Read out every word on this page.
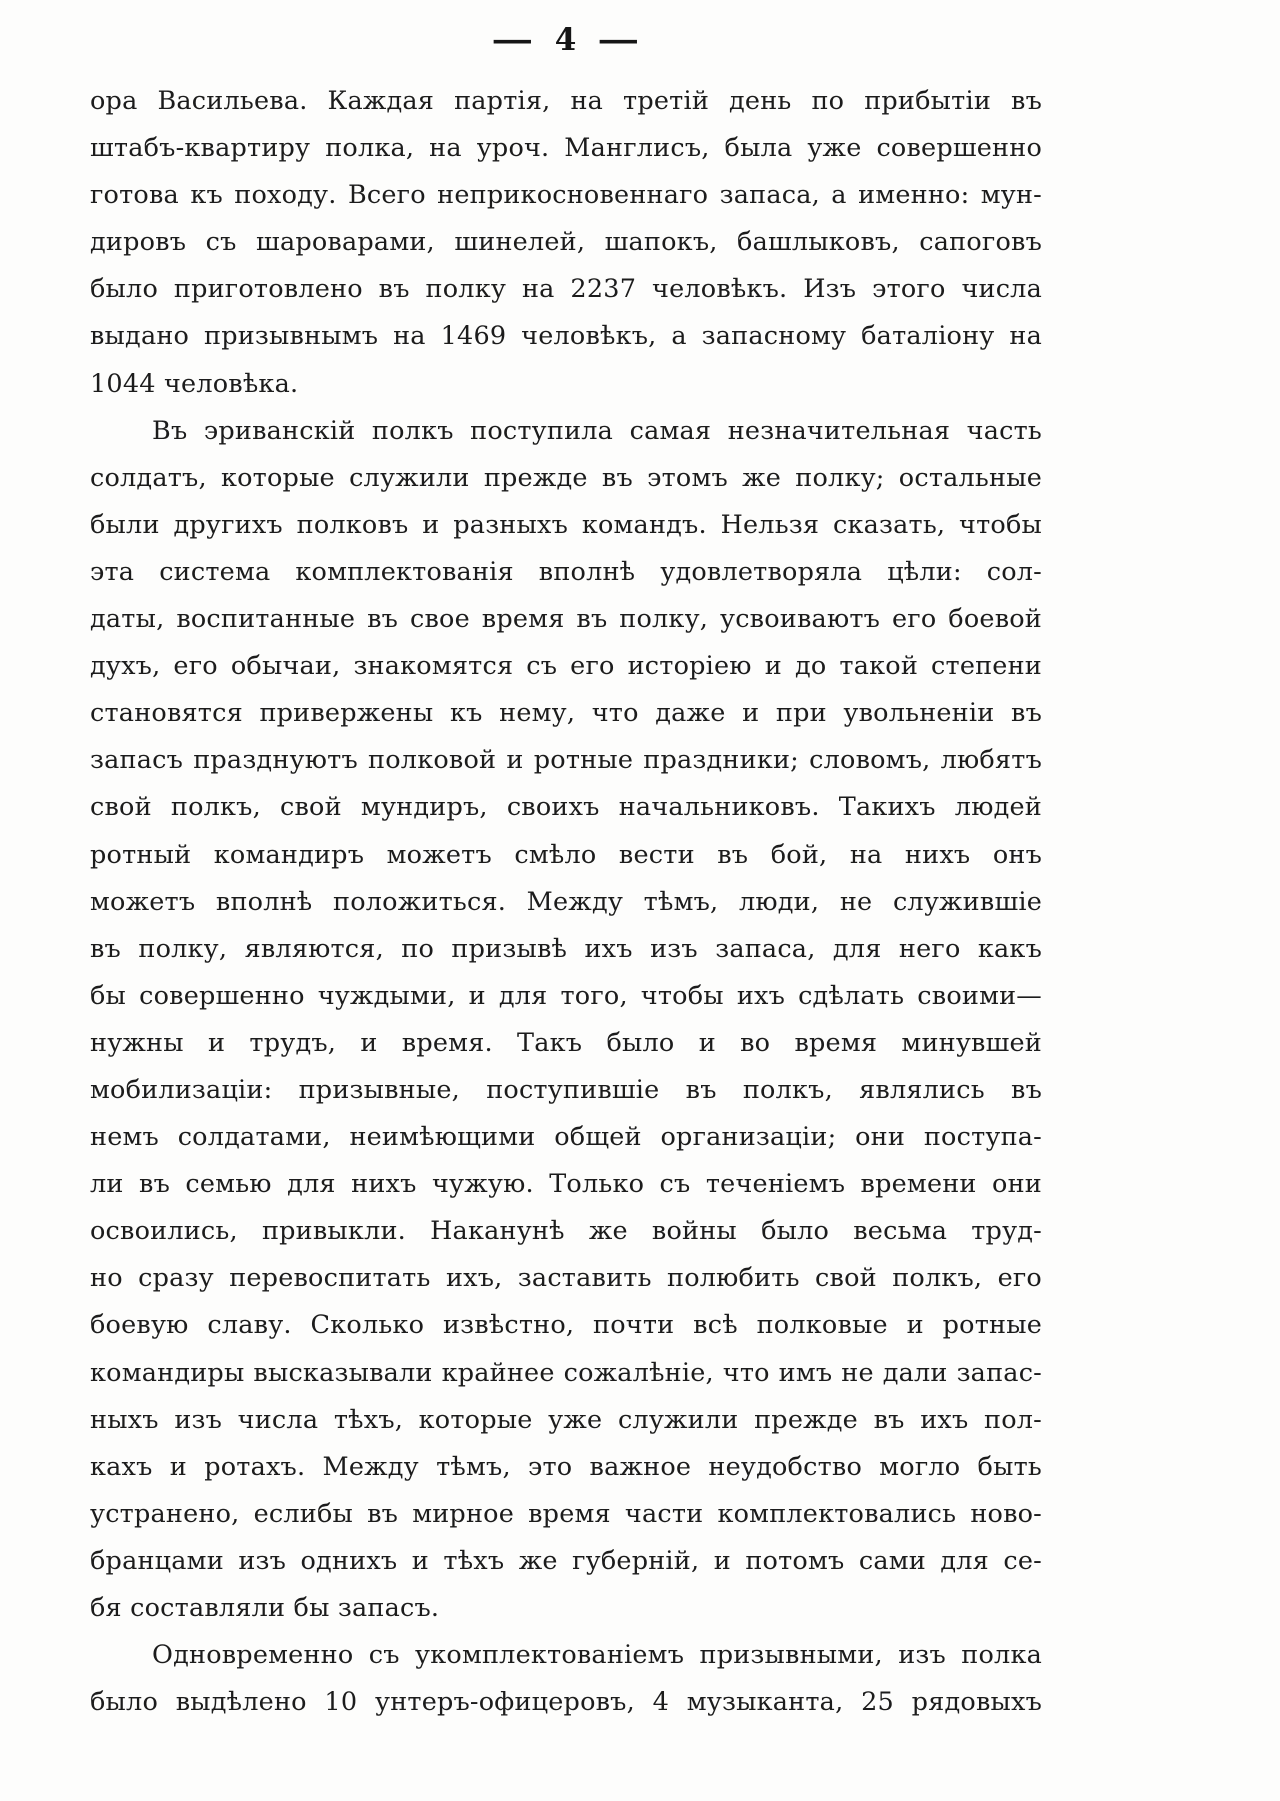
— 4 —
ора Васильева. Каждая партія, на третій день по прибытіи въ
штабъ-квартиру полка, на уроч. Манглисъ, была уже совершенно
готова къ походу. Всего неприкосновеннаго запаса, а именно: мун-
дировъ съ шароварами, шинелей, шапокъ, башлыковъ, сапоговъ
было приготовлено въ полку на 2237 человѣкъ. Изъ этого числа
выдано призывнымъ на 1469 человѣкъ, а запасному баталіону на
1044 человѣка.
Въ эриванскій полкъ поступила самая незначительная часть
солдатъ, которые служили прежде въ этомъ же полку; остальные
были другихъ полковъ и разныхъ командъ. Нельзя сказать, чтобы
эта система комплектованія вполнѣ удовлетворяла цѣли: сол-
даты, воспитанные въ свое время въ полку, усвоиваютъ его боевой
духъ, его обычаи, знакомятся съ его исторіею и до такой степени
становятся привержены къ нему, что даже и при увольненіи въ
запасъ празднуютъ полковой и ротные праздники; словомъ, любятъ
свой полкъ, свой мундиръ, своихъ начальниковъ. Такихъ людей
ротный командиръ можетъ смѣло вести въ бой, на нихъ онъ
можетъ вполнѣ положиться. Между тѣмъ, люди, не служившіе
въ полку, являются, по призывѣ ихъ изъ запаса, для него какъ
бы совершенно чуждыми, и для того, чтобы ихъ сдѣлать своими—
нужны и трудъ, и время. Такъ было и во время минувшей
мобилизаціи: призывные, поступившіе въ полкъ, являлись въ
немъ солдатами, неимѣющими общей организаціи; они поступа-
ли въ семью для нихъ чужую. Только съ теченіемъ времени они
освоились, привыкли. Наканунѣ же войны было весьма труд-
но сразу перевоспитать ихъ, заставить полюбить свой полкъ, его
боевую славу. Сколько извѣстно, почти всѣ полковые и ротные
командиры высказывали крайнее сожалѣніе, что имъ не дали запас-
ныхъ изъ числа тѣхъ, которые уже служили прежде въ ихъ пол-
кахъ и ротахъ. Между тѣмъ, это важное неудобство могло быть
устранено, еслибы въ мирное время части комплектовались ново-
бранцами изъ однихъ и тѣхъ же губерній, и потомъ сами для се-
бя составляли бы запасъ.
Одновременно съ укомплектованіемъ призывными, изъ полка
было выдѣлено 10 унтеръ-офицеровъ, 4 музыканта, 25 рядовыхъ
